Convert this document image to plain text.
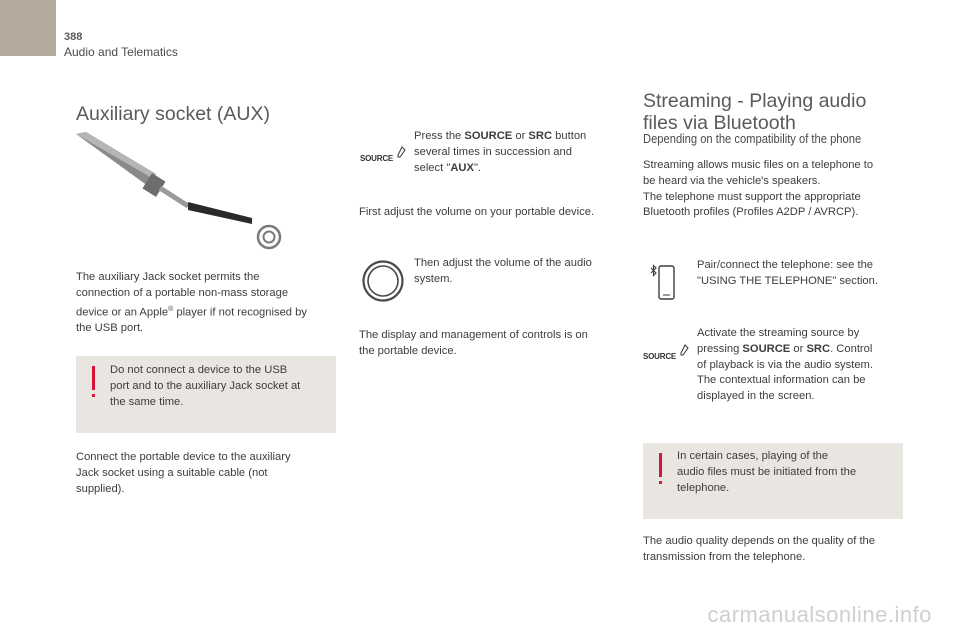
388
Audio and Telematics
Auxiliary socket (AUX)
The auxiliary Jack socket permits the
connection of a portable non-mass storage
device or an Apple® player if not recognised by
the USB port.
Do not connect a device to the USB
port and to the auxiliary Jack socket at
the same time.
Connect the portable device to the auxiliary
Jack socket using a suitable cable (not
supplied).
SOURCE
Press the SOURCE or SRC button
several times in succession and
select "AUX".
First adjust the volume on your portable device.
Then adjust the volume of the audio
system.
The display and management of controls is on
the portable device.
Streaming - Playing audio
files via Bluetooth
Depending on the compatibility of the phone
Streaming allows music files on a telephone to
be heard via the vehicle's speakers.
The telephone must support the appropriate
Bluetooth profiles (Profiles A2DP / AVRCP).
Pair/connect the telephone: see the
"USING THE TELEPHONE" section.
SOURCE
Activate the streaming source by
pressing SOURCE or SRC. Control
of playback is via the audio system.
The contextual information can be
displayed in the screen.
In certain cases, playing of the
audio files must be initiated from the
telephone.
The audio quality depends on the quality of the
transmission from the telephone.
carmanualsonline.info
